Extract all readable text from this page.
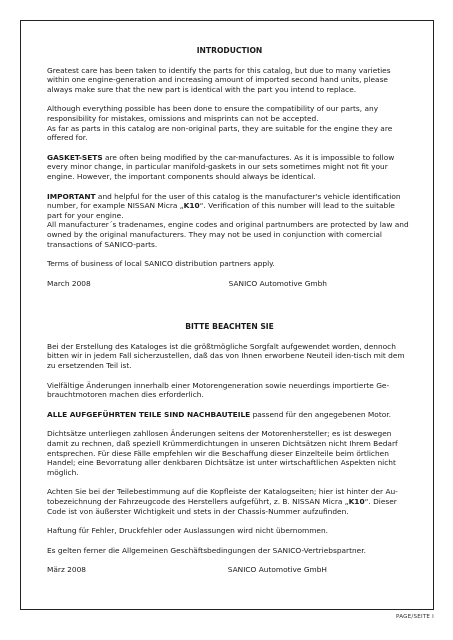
INTRODUCTION

Greatest care has been taken to identify the parts for this catalog, but due to many varieties within one engine-generation and increasing amount of imported second hand units, please always make sure that the new part is identical with the part you intend to replace.

Although everything possible has been done to ensure the compatibility of our parts, any responsibility for mistakes, omissions and misprints can not be accepted.
As far as parts in this catalog are non-original parts, they are suitable for the engine they are offered for.

GASKET-SETS are often being modified by the car-manufactures. As it is impossible to follow every minor change, in particular manifold-gaskets in our sets sometimes might not fit your engine. However, the important components should always be identical.

IMPORTANT and helpful for the user of this catalog is the manufacturer's vehicle identification number, for example NISSAN Micra „K10“. Verification of this number will lead to the suitable part for your engine.
All manufacturer´s tradenames, engine codes and original partnumbers are protected by law and owned by the original manufacturers. They may not be used in conjunction with comercial transactions of SANICO-parts.

Terms of business of local SANICO distribution partners apply.

March 2008	SANICO Automotive Gmbh
BITTE BEACHTEN SIE

Bei der Erstellung des Kataloges ist die größtmögliche Sorgfalt aufgewendet worden, dennoch bitten wir in jedem Fall sicherzustellen, daß das von Ihnen erworbene Neuteil iden-tisch mit dem zu ersetzenden Teil ist.

Vielfältige Änderungen innerhalb einer Motorengeneration sowie neuerdings importierte Ge-brauchtmotoren machen dies erforderlich.

ALLE AUFGEFÜHRTEN TEILE SIND NACHBAUTEILE passend für den angegebenen Motor.

Dichtsätze unterliegen zahllosen Änderungen seitens der Motorenhersteller; es ist deswegen damit zu rechnen, daß speziell Krümmerdichtungen in unseren Dichtsätzen nicht Ihrem Bedarf entsprechen. Für diese Fälle empfehlen wir die Beschaffung dieser Einzelteile beim örtlichen Handel; eine Bevorratung aller denkbaren Dichtsätze ist unter wirtschaftlichen Aspekten nicht möglich.

Achten Sie bei der Teilebestimmung auf die Kopfleiste der Katalogseiten; hier ist hinter der Au-tobezeichnung der Fahrzeugcode des Herstellers aufgeführt, z. B. NISSAN Micra „K10“. Dieser Code ist von äußerster Wichtigkeit und stets in der Chassis-Nummer aufzufinden.

Haftung für Fehler, Druckfehler oder Auslassungen wird nicht übernommen.

Es gelten ferner die Allgemeinen Geschäftsbedingungen der SANICO-Vertriebspartner.

März 2008	SANICO Automotive GmbH
PAGE/SEITE I
